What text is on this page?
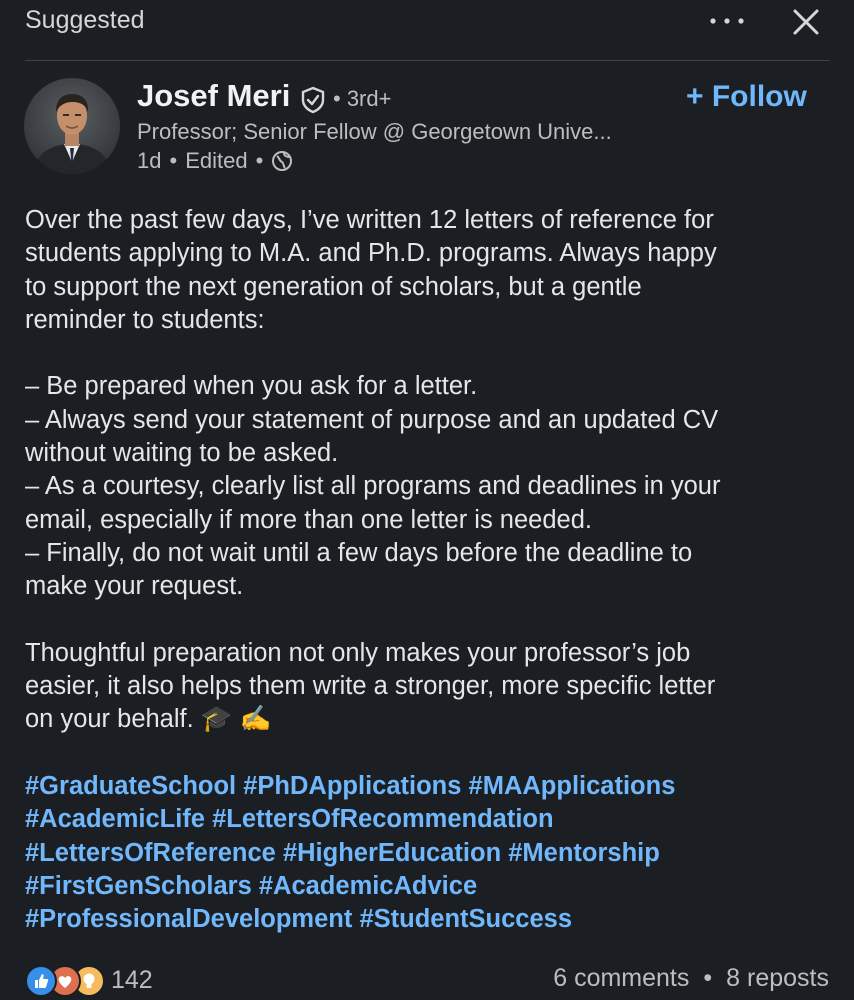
Suggested
Josef Meri • 3rd+	+ Follow
Professor; Senior Fellow @ Georgetown Unive...
1d • Edited •
Over the past few days, I’ve written 12 letters of reference for
students applying to M.A. and Ph.D. programs. Always happy
to support the next generation of scholars, but a gentle
reminder to students:
– Be prepared when you ask for a letter.
– Always send your statement of purpose and an updated CV
without waiting to be asked.
– As a courtesy, clearly list all programs and deadlines in your
email, especially if more than one letter is needed.
– Finally, do not wait until a few days before the deadline to
make your request.
Thoughtful preparation not only makes your professor’s job
easier, it also helps them write a stronger, more specific letter
on your behalf. 🎓 ✍️
#GraduateSchool #PhDApplications #MAApplications
#AcademicLife #LettersOfRecommendation
#LettersOfReference #HigherEducation #Mentorship
#FirstGenScholars #AcademicAdvice
#ProfessionalDevelopment #StudentSuccess
142	6 comments • 8 reposts
